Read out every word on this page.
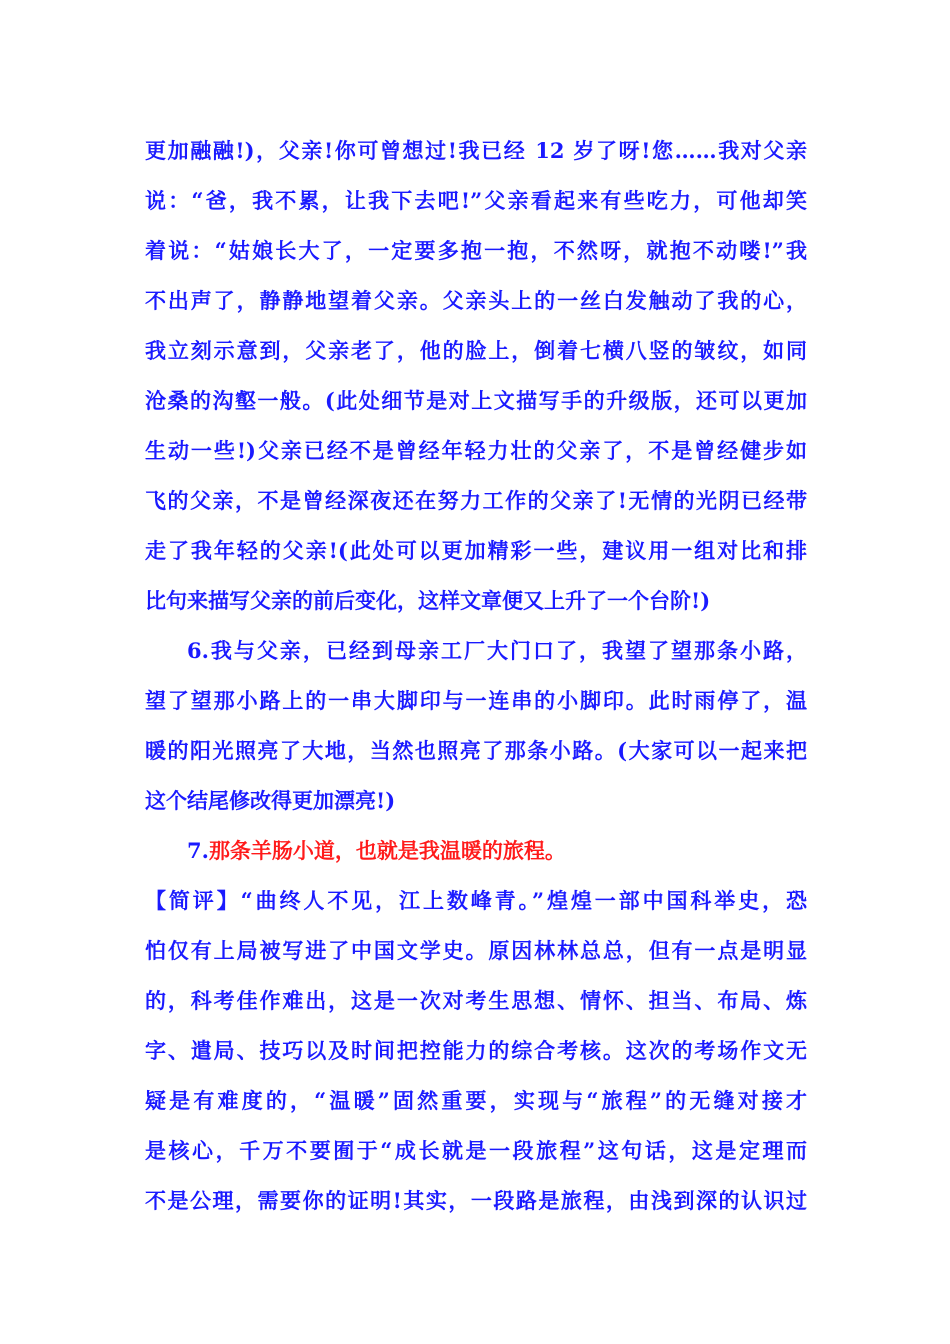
更加融融!)，父亲!你可曾想过!我已经 12 岁了呀!您……我对父亲
说：“爸，我不累，让我下去吧!”父亲看起来有些吃力，可他却笑
着说：“姑娘长大了，一定要多抱一抱，不然呀，就抱不动喽!”我
不出声了，静静地望着父亲。父亲头上的一丝白发触动了我的心，
我立刻示意到，父亲老了，他的脸上，倒着七横八竖的皱纹，如同
沧桑的沟壑一般。(此处细节是对上文描写手的升级版，还可以更加
生动一些!)父亲已经不是曾经年轻力壮的父亲了，不是曾经健步如
飞的父亲，不是曾经深夜还在努力工作的父亲了!无情的光阴已经带
走了我年轻的父亲!(此处可以更加精彩一些，建议用一组对比和排
比句来描写父亲的前后变化，这样文章便又上升了一个台阶!)
6.我与父亲，已经到母亲工厂大门口了，我望了望那条小路，
望了望那小路上的一串大脚印与一连串的小脚印。此时雨停了，温
暖的阳光照亮了大地，当然也照亮了那条小路。(大家可以一起来把
这个结尾修改得更加漂亮!)
7.那条羊肠小道，也就是我温暖的旅程。
【简评】“曲终人不见，江上数峰青。”煌煌一部中国科举史，恐
怕仅有上局被写进了中国文学史。原因林林总总，但有一点是明显
的，科考佳作难出，这是一次对考生思想、情怀、担当、布局、炼
字、遣局、技巧以及时间把控能力的综合考核。这次的考场作文无
疑是有难度的，“温暖”固然重要，实现与“旅程”的无缝对接才
是核心，千万不要囿于“成长就是一段旅程”这句话，这是定理而
不是公理，需要你的证明!其实，一段路是旅程，由浅到深的认识过
